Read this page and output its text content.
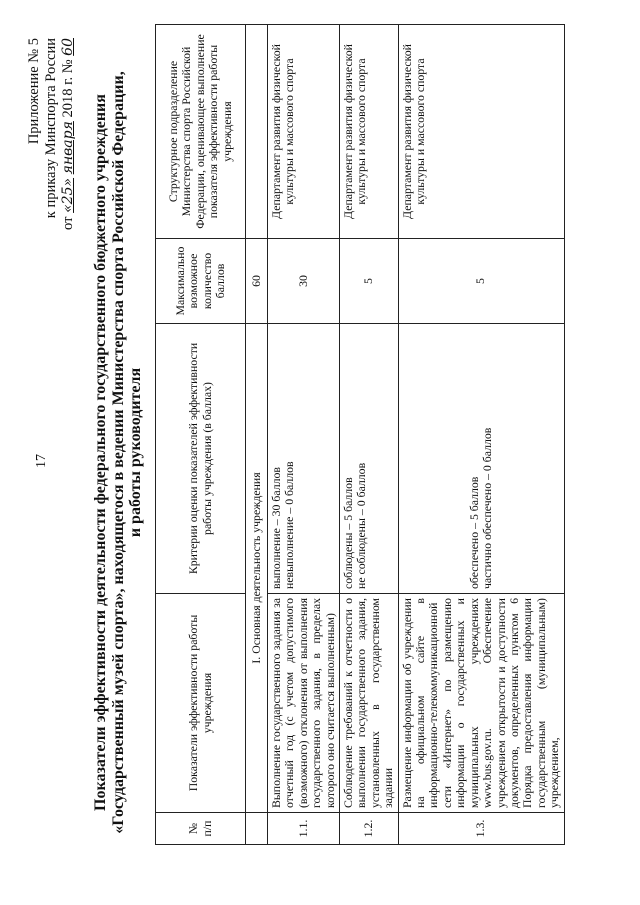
17
Приложение № 5 к приказу Минспорта России
от «25» января 2018 г. № 60
Показатели эффективности деятельности федерального государственного бюджетного учреждения «Государственный музей спорта», находящегося в ведении Министерства спорта Российской Федерации, и работы руководителя
№ п/п	Показатели эффективности работы учреждения	Критерии оценки показателей эффективности работы учреждения (в баллах)	Максимально возможное количество баллов	Структурное подразделение Министерства спорта Российской Федерации, оценивающее выполнение показателя эффективности работы учреждения
	I. Основная деятельность учреждения		60	
1.1.	Выполнение государственного задания за отчетный год (с учетом допустимого (возможного) отклонения от выполнения государственного задания, в пределах которого оно считается выполненным)	выполнение – 30 баллов невыполнение – 0 баллов	30	Департамент развития физической культуры и массового спорта
1.2.	Соблюдение требований к отчетности о выполнении государственного задания, установленных в государственном задании	соблюдены – 5 баллов не соблюдены – 0 баллов	5	Департамент развития физической культуры и массового спорта
1.3.	Размещение информации об учреждении на официальном сайте в информационно-телекоммуникационной сети «Интернет» по размещению информации о государственных и муниципальных учреждениях www.bus.gov.ru. Обеспечение учреждением открытости и доступности документов, определенных пунктом 6 Порядка предоставления информации государственным (муниципальным) учреждением,	обеспечено – 5 баллов частично обеспечено – 0 баллов	5	Департамент развития физической культуры и массового спорта
